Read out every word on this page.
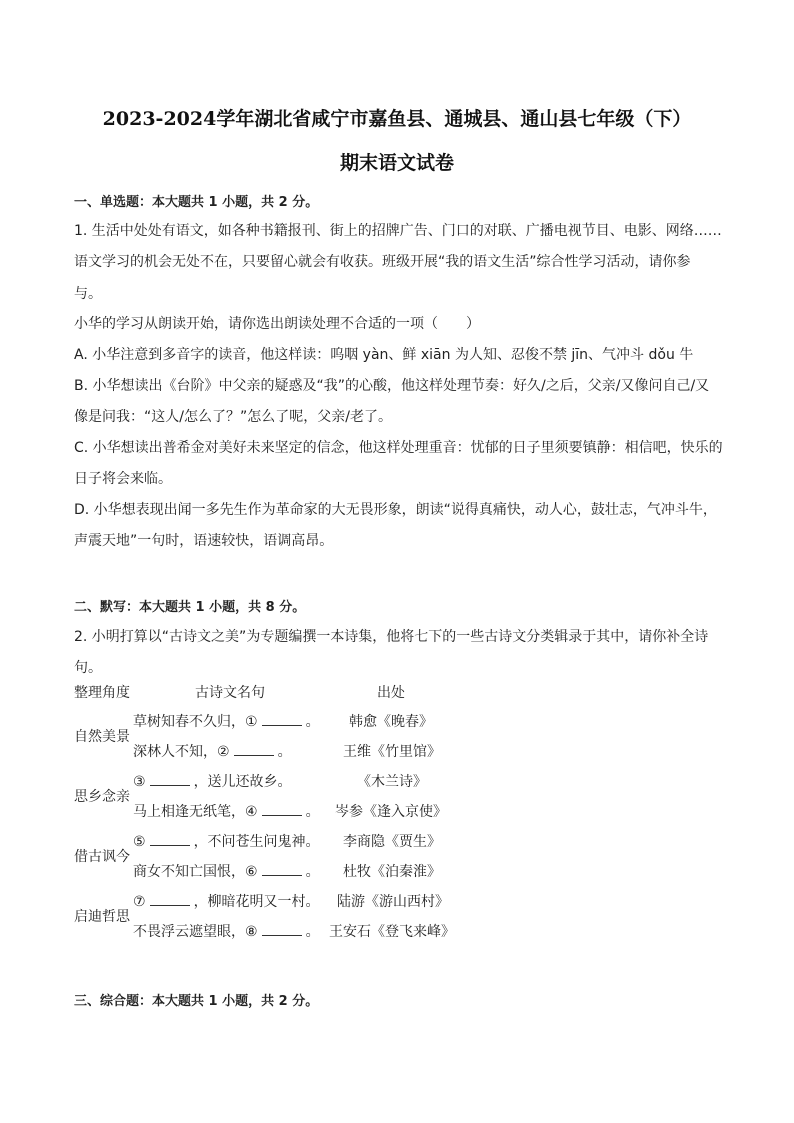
2023-2024学年湖北省咸宁市嘉鱼县、通城县、通山县七年级（下）
期末语文试卷
一、单选题：本大题共 1 小题，共 2 分。
1. 生活中处处有语文，如各种书籍报刊、街上的招牌广告、门口的对联、广播电视节目、电影、网络……
语文学习的机会无处不在，只要留心就会有收获。班级开展“我的语文生活”综合性学习活动，请你参
与。
小华的学习从朗读开始，请你选出朗读处理不合适的一项（　　）
A. 小华注意到多音字的读音，他这样读：呜咽 yàn、鲜 xiān 为人知、忍俊不禁 jīn、气冲斗 dǒu 牛
B. 小华想读出《台阶》中父亲的疑惑及“我”的心酸，他这样处理节奏：好久/之后，父亲/又像问自己/又
像是问我：“这人/怎么了？”怎么了呢，父亲/老了。
C. 小华想读出普希金对美好未来坚定的信念，他这样处理重音：忧郁的日子里须要镇静：相信吧，快乐的
日子将会来临。
D. 小华想表现出闻一多先生作为革命家的大无畏形象，朗读“说得真痛快，动人心，鼓壮志，气冲斗牛，
声震天地”一句时，语速较快，语调高昂。
二、默写：本大题共 1 小题，共 8 分。
2. 小明打算以“古诗文之美”为专题编撰一本诗集，他将七下的一些古诗文分类辑录于其中，请你补全诗
句。
整理角度	古诗文名句	出处
自然美景
草树知春不久归，①	。 韩愈《晚春》
深林人不知，②	。	王维《竹里馆》
思乡念亲
③	，送儿还故乡。	《木兰诗》
马上相逢无纸笔，④	。 岑参《逢入京使》
借古讽今
⑤	，不问苍生问鬼神。 李商隐《贾生》
商女不知亡国恨，⑥	。 杜牧《泊秦淮》
启迪哲思
⑦	，柳暗花明又一村。 陆游《游山西村》
不畏浮云遮望眼，⑧	。 王安石《登飞来峰》
三、综合题：本大题共 1 小题，共 2 分。
